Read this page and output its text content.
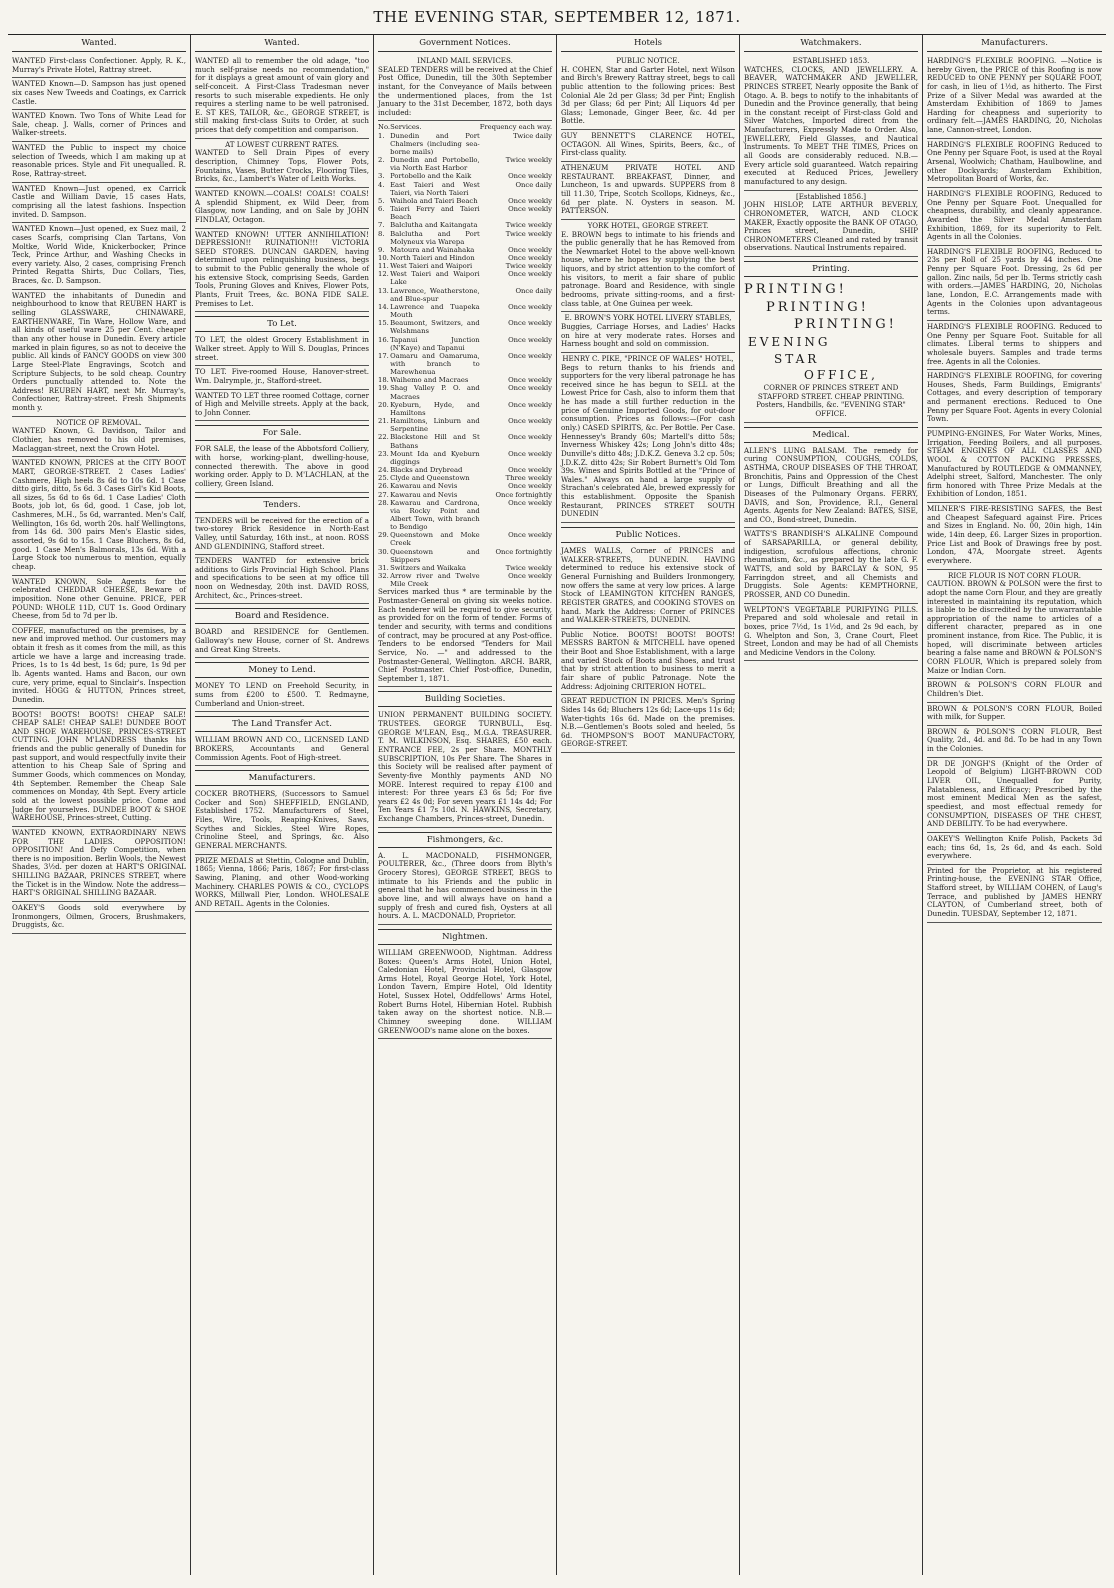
THE EVENING STAR, SEPTEMBER 12, 1871.
Wanted.

WANTED First-class Confectioner. Apply, R. K., Murray's Private Hotel, Rattray street.

WANTED Known—D. Sampson has just opened six cases New Tweeds and Coatings, ex Carrick Castle.

WANTED Known. Two Tons of White Lead for Sale, cheap. J. Walls, corner of Princes and Walker-streets.

WANTED the Public to inspect my choice selection of Tweeds, which I am making up at reasonable prices. Style and Fit unequalled. R. Rose, Rattray-street.

WANTED Known—Just opened, ex Carrick Castle and William Davie, 15 cases Hats, comprising all the latest fashions. Inspection invited. D. Sampson.

WANTED Known—Just opened, ex Suez mail, 2 cases Scarfs, comprising Clan Tartans, Von Moltke, World Wide, Knickerbocker, Prince Teck, Prince Arthur, and Washing Checks in every variety. Also, 2 cases, comprising French Printed Regatta Shirts, Duc Collars, Ties, Braces, &c. D. Sampson.

WANTED the inhabitants of Dunedin and neighbourhood to know that REUBEN HART is selling GLASSWARE, CHINAWARE, EARTHENWARE, Tin Ware, Hollow Ware, and all kinds of useful ware 25 per Cent. cheaper than any other house in Dunedin. Every article marked in plain figures, so as not to deceive the public. All kinds of FANCY GOODS on view 300 Large Steel-Plate Engravings, Scotch and Scripture Subjects, to be sold cheap. Country Orders punctually attended to. Note the Address! REUBEN HART, next Mr. Murray's, Confectioner, Rattray-street. Fresh Shipments month y.

NOTICE OF REMOVAL.

WANTED Known, G. Davidson, Tailor and Clothier, has removed to his old premises, Maclaggan-street, next the Crown Hotel.

WANTED KNOWN, PRICES at the CITY BOOT MART, GEORGE-STREET. 2 Cases Ladies' Cashmere, High heels 8s 6d to 10s 6d. 1 Case ditto girls, ditto, 5s 6d. 3 Cases Girl's Kid Boots, all sizes, 5s 6d to 6s 6d. 1 Case Ladies' Cloth Boots, job lot, 6s 6d, good. 1 Case, job lot, Cashmeres, M.H., 5s 6d, warranted. Men's Calf, Wellington, 16s 6d, worth 20s. half Wellingtons, from 14s 6d. 300 pairs Men's Elastic sides, assorted, 9s 6d to 15s. 1 Case Bluchers, 8s 6d, good. 1 Case Men's Balmorals, 13s 6d. With a Large Stock too numerous to mention, equally cheap.

WANTED KNOWN, Sole Agents for the celebrated CHEDDAR CHEESE, Beware of imposition. None other Genuine. PRICE, PER POUND: WHOLE 11D, CUT 1s. Good Ordinary Cheese, from 5d to 7d per lb.

COFFEE, manufactured on the premises, by a new and improved method. Our customers may obtain it fresh as it comes from the mill, as this article we have a large and increasing trade. Prices, 1s to 1s 4d best, 1s 6d; pure, 1s 9d per lb. Agents wanted. Hams and Bacon, our own cure, very prime, equal to Sinclair's. Inspection invited. HOGG & HUTTON, Princes street, Dunedin.

BOOTS! BOOTS! BOOTS! CHEAP SALE! CHEAP SALE! CHEAP SALE! DUNDEE BOOT AND SHOE WAREHOUSE, PRINCES-STREET CUTTING. JOHN M'LANDRESS thanks his friends and the public generally of Dunedin for past support, and would respectfully invite their attention to his Cheap Sale of Spring and Summer Goods, which commences on Monday, 4th September. Remember the Cheap Sale commences on Monday, 4th Sept. Every article sold at the lowest possible price. Come and Judge for yourselves. DUNDEE BOOT & SHOE WAREHOUSE, Princes-street, Cutting.

WANTED KNOWN, EXTRAORDINARY NEWS FOR THE LADIES. OPPOSITION! OPPOSITION! And Defy Competition, when there is no imposition. Berlin Wools, the Newest Shades, 3½d. per dozen at HART'S ORIGINAL SHILLING BAZAAR, PRINCES STREET, where the Ticket is in the Window. Note the address—HART'S ORIGINAL SHILLING BAZAAR.

OAKEY'S Goods sold everywhere by Ironmongers, Oilmen, Grocers, Brushmakers, Druggists, &c.

Wanted.

WANTED all to remember the old adage, "too much self-praise needs no recommendation," for it displays a great amount of vain glory and self-conceit. A First-Class Tradesman never resorts to such miserable expedients. He only requires a sterling name to be well patronised. E. ST KES, TAILOR, &c., GEORGE STREET, is still making first-class Suits to Order, at such prices that defy competition and comparison.

AT LOWEST CURRENT RATES.

WANTED to Sell Drain Pipes of every description, Chimney Tops, Flower Pots, Fountains, Vases, Butter Crocks, Flooring Tiles, Bricks, &c., Lambert's Water of Leith Works.

WANTED KNOWN.—COALS! COALS! COALS! A splendid Shipment, ex Wild Deer, from Glasgow, now Landing, and on Sale by JOHN FINDLAY, Octagon.

WANTED KNOWN! UTTER ANNIHILATION! DEPRESSION!! RUINATION!!! VICTORIA SEED STORES. DUNCAN GARDEN, having determined upon relinquishing business, begs to submit to the Public generally the whole of his extensive Stock, comprising Seeds, Garden Tools, Pruning Gloves and Knives, Flower Pots, Plants, Fruit Trees, &c. BONA FIDE SALE. Premises to Let.

To Let.

TO LET, the oldest Grocery Establishment in Walker street. Apply to Will S. Douglas, Princes street.

TO LET. Five-roomed House, Hanover-street. Wm. Dalrymple, jr., Stafford-street.

WANTED TO LET three roomed Cottage, corner of High and Melville streets. Apply at the back, to John Conner.

For Sale.

FOR SALE, the lease of the Abbotsford Colliery, with horse, working-plant, dwelling-house, connected therewith. The above in good working order. Apply to D. M'LACHLAN, at the colliery, Green Island.

Tenders.

TENDERS will be received for the erection of a two-storey Brick Residence in North-East Valley, until Saturday, 16th inst., at noon. ROSS AND GLENDINING, Stafford street.

TENDERS WANTED for extensive brick additions to Girls Provincial High School. Plans and specifications to be seen at my office till noon on Wednesday, 20th inst. DAVID ROSS, Architect, &c., Princes-street.

Board and Residence.

BOARD and RESIDENCE for Gentlemen. Galloway's new House, corner of St. Andrews and Great King Streets.

Money to Lend.

MONEY TO LEND on Freehold Security, in sums from £200 to £500. T. Redmayne, Cumberland and Union-street.

The Land Transfer Act.

WILLIAM BROWN AND CO., LICENSED LAND BROKERS, Accountants and General Commission Agents. Foot of High-street.

Manufacturers.

COCKER BROTHERS, (Successors to Samuel Cocker and Son) SHEFFIELD, ENGLAND, Established 1752. Manufacturers of Steel, Files, Wire, Tools, Reaping-Knives, Saws, Scythes and Sickles, Steel Wire Ropes, Crinoline Steel, and Springs, &c. Also GENERAL MERCHANTS.

PRIZE MEDALS at Stettin, Cologne and Dublin, 1865; Vienna, 1866; Paris, 1867; For first-class Sawing, Planing, and other Wood-working Machinery. CHARLES POWIS & CO., CYCLOPS WORKS, Millwall Pier, London. WHOLESALE AND RETAIL. Agents in the Colonies.

Government Notices.

INLAND MAIL SERVICES.

SEALED TENDERS will be received at the Chief Post Office, Dunedin, till the 30th September instant, for the Conveyance of Mails between the undermentioned places, from the 1st January to the 31st December, 1872, both days included:

No.	Services.	Frequency each way.
1.	Dunedin and Port Chalmers (including sea-borne mails)	Twice daily
2.	Dunedin and Portobello, via North East Harbor	Twice weekly
3.	Portobello and the Kaik	Once weekly
4.	East Taieri and West Taieri, via North Taieri	Once daily
5.	Waihola and Taieri Beach	Once weekly
6.	Taieri Ferry and Taieri Beach	Once weekly
7.	Balclutha and Kaitangata	Twice weekly
8.	Balclutha and Port Molyneux via Warepa	Twice weekly
9.	Matoura and Wainahaka	Once weekly
10.	North Taieri and Hindon	Once weekly
11.	West Taieri and Waipori	Twice weekly
12.	West Taieri and Waipori Lake	Once weekly
13.	Lawrence, Weatherstone, and Blue-spur	Once daily
14.	Lawrence and Tuapeka Mouth	Once weekly
15.	Beaumont, Switzers, and Welshmans	Once weekly
16.	Tapanui Junction (N'Kaye) and Tapanui	Once weekly
17.	Oamaru and Oamaruma, with branch to Marewhenua	Once weekly
18.	Waihemo and Macraes	Once weekly
19.	Shag Valley P. O. and Macraes	Once weekly
20.	Kyeburn, Hyde, and Hamiltons	Once weekly
21.	Hamiltons, Linburn and Serpentine	Once weekly
22.	Blackstone Hill and St Bathans	Once weekly
23.	Mount Ida and Kyeburn diggings	Once weekly
24.	Blacks and Drybread	Once weekly
25.	Clyde and Queenstown	Three weekly
26.	Kawarau and Nevis	Once weekly
27.	Kawarau and Nevis	Once fortnightly
28.	Kawarau and Cardrona, via Rocky Point and Albert Town, with branch to Bendigo	Once weekly
29.	Queenstown and Moke Creek	Once weekly
30.	Queenstown and Skippers	Once fortnightly
31.	Switzers and Waikaka	Twice weekly
32.	Arrow river and Twelve Mile Creek	Once weekly

Services marked thus * are terminable by the Postmaster-General on giving six weeks notice. Each tenderer will be required to give security, as provided for on the form of tender. Forms of tender and security, with terms and conditions of contract, may be procured at any Post-office. Tenders to be endorsed "Tenders for Mail Service, No. —" and addressed to the Postmaster-General, Wellington. ARCH. BARR, Chief Postmaster. Chief Post-office, Dunedin, September 1, 1871.

Building Societies.

UNION PERMANENT BUILDING SOCIETY. TRUSTEES. GEORGE TURNBULL, Esq. GEORGE M'LEAN, Esq., M.G.A. TREASURER. T. M. WILKINSON, Esq. SHARES, £50 each. ENTRANCE FEE, 2s per Share. MONTHLY SUBSCRIPTION, 10s Per Share. The Shares in this Society will be realised after payment of Seventy-five Monthly payments AND NO MORE. Interest required to repay £100 and interest: For three years £3 6s 5d; For five years £2 4s 0d; For seven years £1 14s 4d; For Ten Years £1 7s 10d. N. HAWKINS, Secretary, Exchange Chambers, Princes-street, Dunedin.

Fishmongers, &c.

A. L. MACDONALD, FISHMONGER, POULTERER, &c., (Three doors from Blyth's Grocery Stores), GEORGE STREET, BEGS to intimate to his Friends and the public in general that he has commenced business in the above line, and will always have on hand a supply of fresh and cured fish, Oysters at all hours. A. L. MACDONALD, Proprietor.

Nightmen.

WILLIAM GREENWOOD, Nightman. Address Boxes: Queen's Arms Hotel, Union Hotel, Caledonian Hotel, Provincial Hotel, Glasgow Arms Hotel, Royal George Hotel, York Hotel, London Tavern, Empire Hotel, Old Identity Hotel, Sussex Hotel, Oddfellows' Arms Hotel, Robert Burns Hotel, Hibernian Hotel. Rubbish taken away on the shortest notice. N.B.—Chimney sweeping done. WILLIAM GREENWOOD's name alone on the boxes.

Hotels

PUBLIC NOTICE.

H. COHEN, Star and Garter Hotel, next Wilson and Birch's Brewery Rattray street, begs to call public attention to the following prices: Best Colonial Ale 2d per Glass; 3d per Pint; English 3d per Glass; 6d per Pint; All Liquors 4d per Glass; Lemonade, Ginger Beer, &c. 4d per Bottle.

GUY BENNETT'S CLARENCE HOTEL, OCTAGON. All Wines, Spirits, Beers, &c., of First-class quality.

ATHENÆUM PRIVATE HOTEL AND RESTAURANT. BREAKFAST, Dinner, and Luncheon, 1s and upwards. SUPPERS from 8 till 11.30, Tripe, Scotch Scollops, Kidneys, &c., 6d per plate. N. Oysters in season. M. PATTERSON.

YORK HOTEL, GEORGE STREET.

E. BROWN begs to intimate to his friends and the public generally that he has Removed from the Newmarket Hotel to the above well-known house, where he hopes by supplying the best liquors, and by strict attention to the comfort of his visitors, to merit a fair share of public patronage. Board and Residence, with single bedrooms, private sitting-rooms, and a first-class table, at One Guinea per week.

E. BROWN'S YORK HOTEL LIVERY STABLES,

Buggies, Carriage Horses, and Ladies' Hacks on hire at very moderate rates. Horses and Harness bought and sold on commission.

HENRY C. PIKE, "PRINCE OF WALES" HOTEL,

Begs to return thanks to his friends and supporters for the very liberal patronage he has received since he has begun to SELL at the Lowest Price for Cash, also to inform them that he has made a still further reduction in the price of Genuine Imported Goods, for out-door consumption. Prices as follows:—(For cash only.) CASED SPIRITS, &c. Per Bottle. Per Case. Hennessey's Brandy 60s; Martell's ditto 58s; Inverness Whiskey 42s; Long John's ditto 48s; Dunville's ditto 48s; J.D.K.Z. Geneva 3.2 cp. 50s; J.D.K.Z. ditto 42s; Sir Robert Burnett's Old Tom 39s. Wines and Spirits Bottled at the "Prince of Wales." Always on hand a large supply of Strachan's celebrated Ale, brewed expressly for this establishment. Opposite the Spanish Restaurant, PRINCES STREET SOUTH DUNEDIN

Public Notices.

JAMES WALLS, Corner of PRINCES and WALKER-STREETS, DUNEDIN. HAVING determined to reduce his extensive stock of General Furnishing and Builders Ironmongery, now offers the same at very low prices. A large Stock of LEAMINGTON KITCHEN RANGES, REGISTER GRATES, and COOKING STOVES on hand. Mark the Address: Corner of PRINCES and WALKER-STREETS, DUNEDIN.

Public Notice. BOOTS! BOOTS! BOOTS! MESSRS BARTON & MITCHELL have opened their Boot and Shoe Establishment, with a large and varied Stock of Boots and Shoes, and trust that by strict attention to business to merit a fair share of public Patronage. Note the Address: Adjoining CRITERION HOTEL.

GREAT REDUCTION IN PRICES. Men's Spring Sides 14s 6d; Bluchers 12s 6d; Lace-ups 11s 6d; Water-tights 16s 6d. Made on the premises. N.B.—Gentlemen's Boots soled and heeled, 5s 6d. THOMPSON'S BOOT MANUFACTORY, GEORGE-STREET.

Watchmakers.

ESTABLISHED 1853.

WATCHES, CLOCKS, AND JEWELLERY. A. BEAVER, WATCHMAKER AND JEWELLER, PRINCES STREET, Nearly opposite the Bank of Otago. A. B. begs to notify to the inhabitants of Dunedin and the Province generally, that being in the constant receipt of First-class Gold and Silver Watches, Imported direct from the Manufacturers, Expressly Made to Order. Also, JEWELLERY, Field Glasses, and Nautical Instruments. To MEET THE TIMES, Prices on all Goods are considerably reduced. N.B.—Every article sold guaranteed. Watch repairing executed at Reduced Prices, Jewellery manufactured to any design.

[Established 1856.]

JOHN HISLOP, LATE ARTHUR BEVERLY, CHRONOMETER, WATCH, AND CLOCK MAKER, Exactly opposite the BANK OF OTAGO, Princes street, Dunedin, SHIP CHRONOMETERS Cleaned and rated by transit observations. Nautical Instruments repaired.

Printing.
PRINTING!
PRINTING!
PRINTING!
EVENING
STAR
OFFICE,

CORNER OF PRINCES STREET AND STAFFORD STREET. CHEAP PRINTING. Posters, Handbills, &c. "EVENING STAR" OFFICE.

Medical.

ALLEN'S LUNG BALSAM. The remedy for curing CONSUMPTION, COUGHS, COLDS, ASTHMA, CROUP DISEASES OF THE THROAT, Bronchitis, Pains and Oppression of the Chest or Lungs, Difficult Breathing and all the Diseases of the Pulmonary Organs. FERRY, DAVIS, and Son, Providence, R.I., General Agents. Agents for New Zealand: BATES, SISE, and CO., Bond-street, Dunedin.

WATTS'S BRANDISH'S ALKALINE Compound of SARSAPARILLA, or general debility, indigestion, scrofulous affections, chronic rheumatism, &c., as prepared by the late G. F. WATTS, and sold by BARCLAY & SON, 95 Farringdon street, and all Chemists and Druggists. Sole Agents: KEMPTHORNE, PROSSER, AND CO Dunedin.

WELPTON'S VEGETABLE PURIFYING PILLS. Prepared and sold wholesale and retail in boxes, price 7½d, 1s 1½d, and 2s 9d each, by G. Whelpton and Son, 3, Crane Court, Fleet Street, London and may be had of all Chemists and Medicine Vendors in the Colony.

Manufacturers.

HARDING'S FLEXIBLE ROOFING. —Notice is hereby Given, the PRICE of this Roofing is now REDUCED to ONE PENNY per SQUARE FOOT, for cash, in lieu of 1½d, as hitherto. The First Prize of a Silver Medal was awarded at the Amsterdam Exhibition of 1869 to James Harding for cheapness and superiority to ordinary felt.—JAMES HARDING, 20, Nicholas lane, Cannon-street, London.

HARDING'S FLEXIBLE ROOFING Reduced to One Penny per Square Foot, is used at the Royal Arsenal, Woolwich; Chatham, Haulbowline, and other Dockyards; Amsterdam Exhibition, Metropolitan Board of Works, &c.

HARDING'S FLEXIBLE ROOFING, Reduced to One Penny per Square Foot. Unequalled for cheapness, durability, and cleanly appearance. Awarded the Silver Medal Amsterdam Exhibition, 1869, for its superiority to Felt. Agents in all the Colonies.

HARDING'S FLEXIBLE ROOFING, Reduced to 23s per Roll of 25 yards by 44 inches. One Penny per Square Foot. Dressing, 2s 6d per gallon. Zinc nails, 5d per lb. Terms strictly cash with orders.—JAMES HARDING, 20, Nicholas lane, London, E.C. Arrangements made with Agents in the Colonies upon advantageous terms.

HARDING'S FLEXIBLE ROOFING. Reduced to One Penny per Square Foot. Suitable for all climates. Liberal terms to shippers and wholesale buyers. Samples and trade terms free. Agents in all the Colonies.

HARDING'S FLEXIBLE ROOFING, for covering Houses, Sheds, Farm Buildings, Emigrants' Cottages, and every description of temporary and permanent erections. Reduced to One Penny per Square Foot. Agents in every Colonial Town.

PUMPING-ENGINES, For Water Works, Mines, Irrigation, Feeding Boilers, and all purposes. STEAM ENGINES OF ALL CLASSES AND WOOL & COTTON PACKING PRESSES, Manufactured by ROUTLEDGE & OMMANNEY, Adelphi street, Salford, Manchester. The only firm honored with Three Prize Medals at the Exhibition of London, 1851.

MILNER'S FIRE-RESISTING SAFES, the Best and Cheapest Safeguard against Fire. Prices and Sizes in England. No. 00, 20in high, 14in wide, 14in deep, £6. Larger Sizes in proportion. Price List and Book of Drawings free by post. London, 47A, Moorgate street. Agents everywhere.

RICE FLOUR IS NOT CORN FLOUR.

CAUTION. BROWN & POLSON were the first to adopt the name Corn Flour, and they are greatly interested in maintaining its reputation, which is liable to be discredited by the unwarrantable appropriation of the name to articles of a different character, prepared as in one prominent instance, from Rice. The Public, it is hoped, will discriminate between articles bearing a false name and BROWN & POLSON'S CORN FLOUR, Which is prepared solely from Maize or Indian Corn.

BROWN & POLSON'S CORN FLOUR and Children's Diet.

BROWN & POLSON'S CORN FLOUR, Boiled with milk, for Supper.

BROWN & POLSON'S CORN FLOUR, Best Quality, 2d., 4d. and 8d. To be had in any Town in the Colonies.

DR DE JONGH'S (Knight of the Order of Leopold of Belgium) LIGHT-BROWN COD LIVER OIL, Unequalled for Purity, Palatableness, and Efficacy; Prescribed by the most eminent Medical Men as the safest, speediest, and most effectual remedy for CONSUMPTION, DISEASES OF THE CHEST, AND DEBILITY. To be had everywhere.

OAKEY'S Wellington Knife Polish, Packets 3d each; tins 6d, 1s, 2s 6d, and 4s each. Sold everywhere.

Printed for the Proprietor, at his registered Printing-house, the EVENING STAR Office, Stafford street, by WILLIAM COHEN, of Laug's Terrace, and published by JAMES HENRY CLAYTON, of Cumberland street, both of Dunedin. TUESDAY, September 12, 1871.
